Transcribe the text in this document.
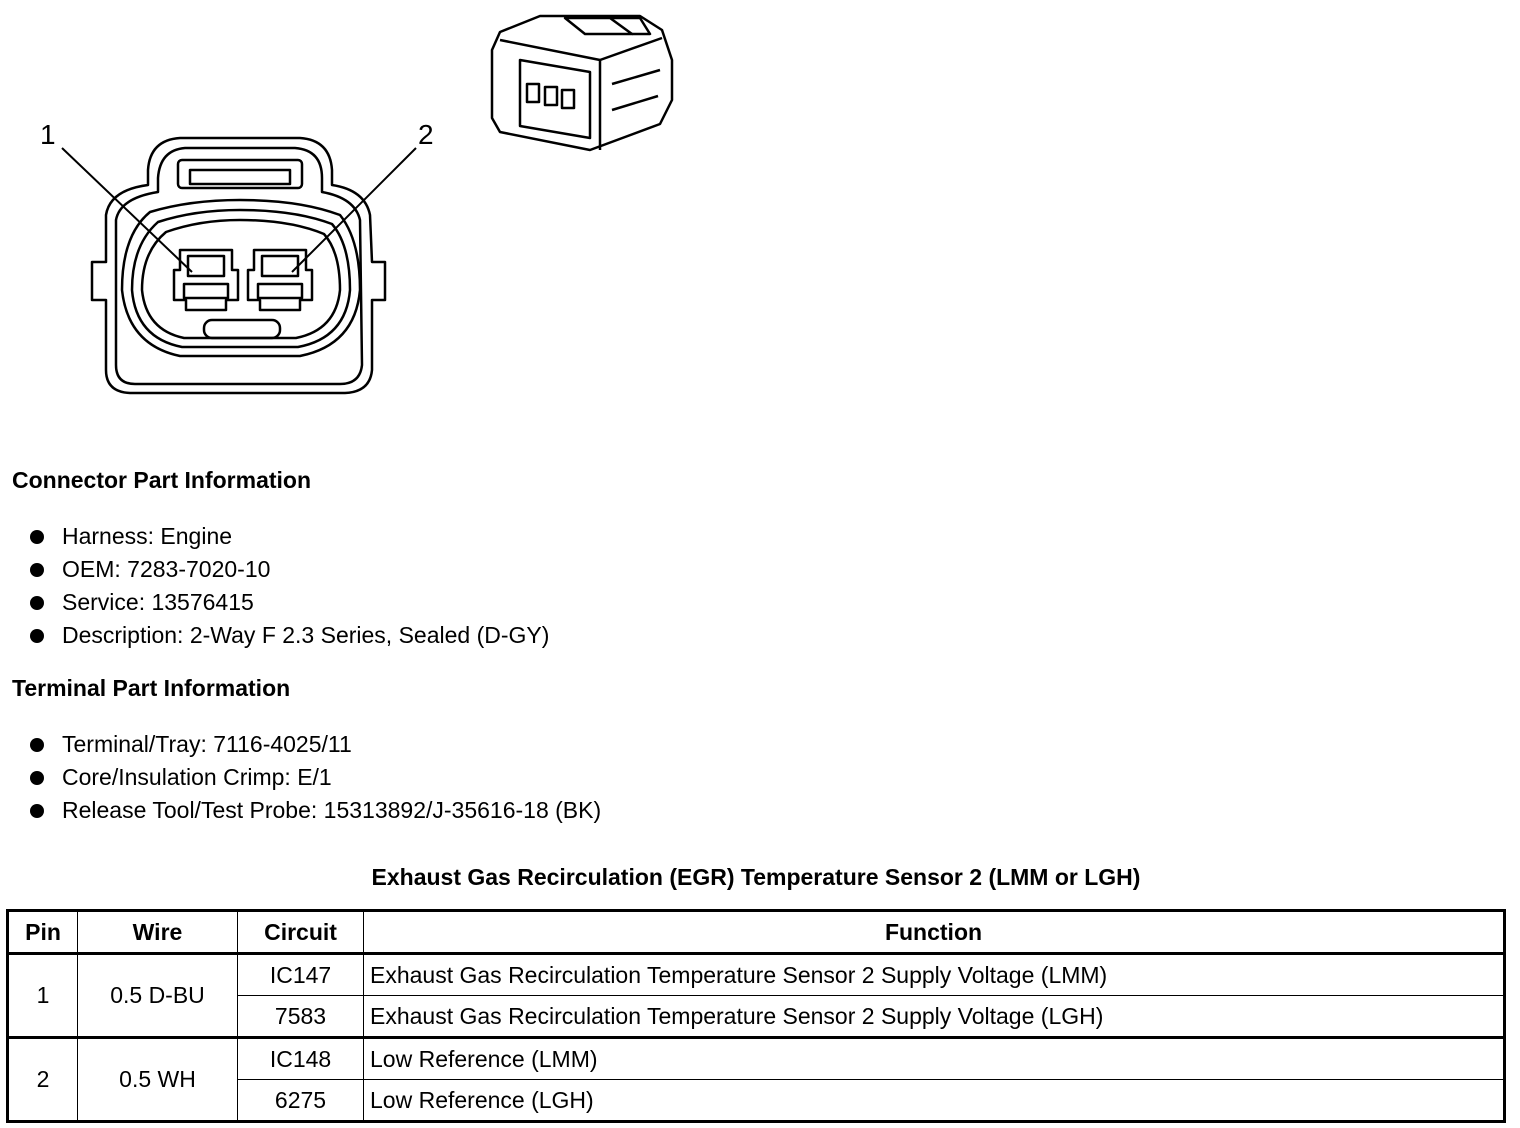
1	2
Connector Part Information
Harness: Engine
OEM: 7283-7020-10
Service: 13576415
Description: 2-Way F 2.3 Series, Sealed (D-GY)
Terminal Part Information
Terminal/Tray: 7116-4025/11
Core/Insulation Crimp: E/1
Release Tool/Test Probe: 15313892/J-35616-18 (BK)
Exhaust Gas Recirculation (EGR) Temperature Sensor 2 (LMM or LGH)
Pin	Wire	Circuit	Function
1	0.5 D-BU	IC147	Exhaust Gas Recirculation Temperature Sensor 2 Supply Voltage (LMM)
		7583	Exhaust Gas Recirculation Temperature Sensor 2 Supply Voltage (LGH)
2	0.5 WH	IC148	Low Reference (LMM)
		6275	Low Reference (LGH)
